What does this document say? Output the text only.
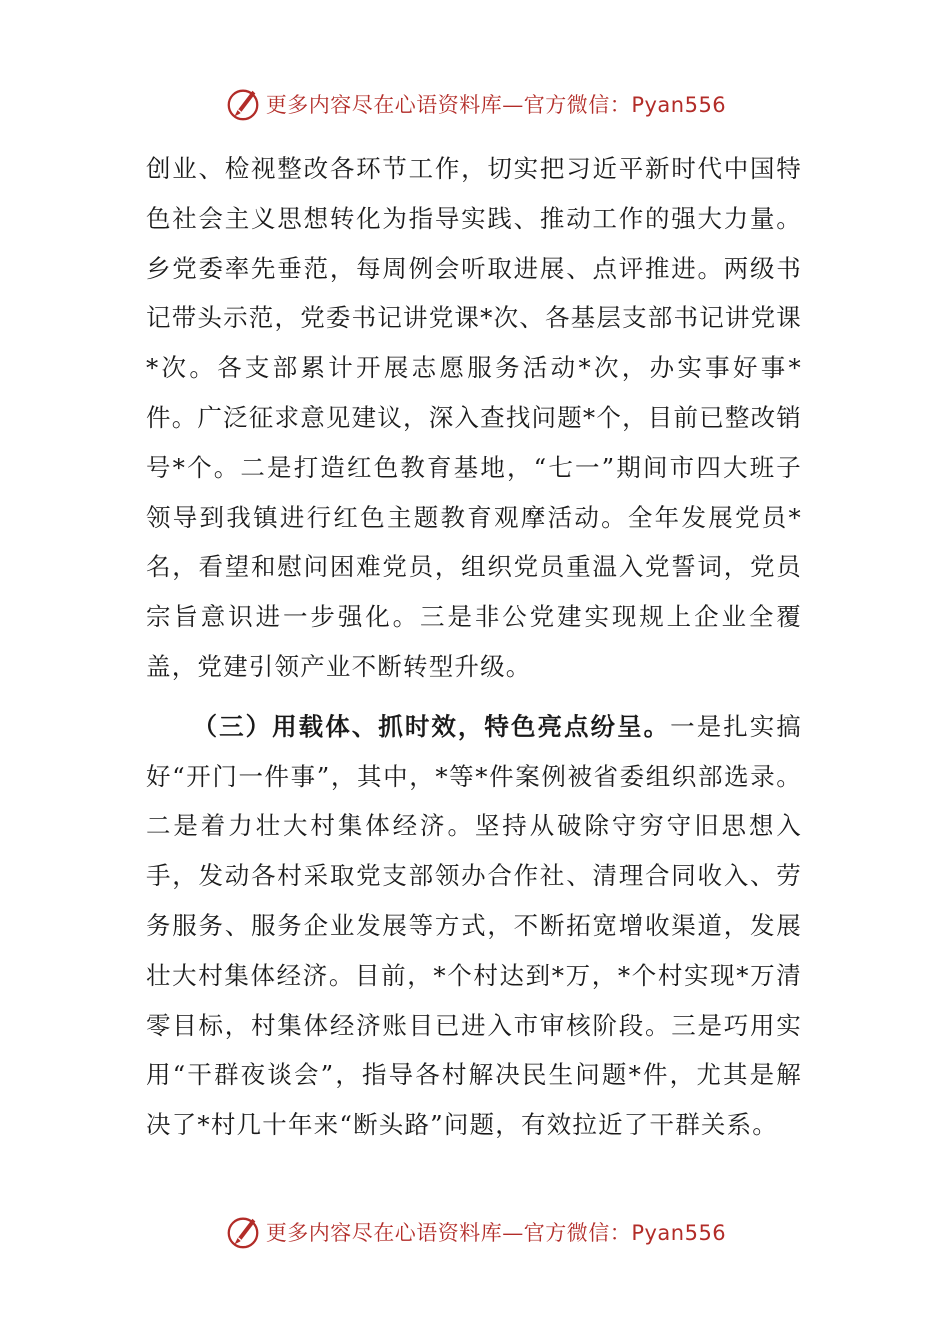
更多内容尽在心语资料库—官方微信：Pyan556

创业、检视整改各环节工作，切实把习近平新时代中国特色社会主义思想转化为指导实践、推动工作的强大力量。乡党委率先垂范，每周例会听取进展、点评推进。两级书记带头示范，党委书记讲党课*次、各基层支部书记讲党课*次。各支部累计开展志愿服务活动*次，办实事好事*件。广泛征求意见建议，深入查找问题*个，目前已整改销号*个。二是打造红色教育基地，“七一”期间市四大班子领导到我镇进行红色主题教育观摩活动。全年发展党员*名，看望和慰问困难党员，组织党员重温入党誓词，党员宗旨意识进一步强化。三是非公党建实现规上企业全覆盖，党建引领产业不断转型升级。

（三）用载体、抓时效，特色亮点纷呈。一是扎实搞好“开门一件事”，其中，*等*件案例被省委组织部选录。二是着力壮大村集体经济。坚持从破除守穷守旧思想入手，发动各村采取党支部领办合作社、清理合同收入、劳务服务、服务企业发展等方式，不断拓宽增收渠道，发展壮大村集体经济。目前，*个村达到*万，*个村实现*万清零目标，村集体经济账目已进入市审核阶段。三是巧用实用“干群夜谈会”，指导各村解决民生问题*件，尤其是解决了*村几十年来“断头路”问题，有效拉近了干群关系。

更多内容尽在心语资料库—官方微信：Pyan556
